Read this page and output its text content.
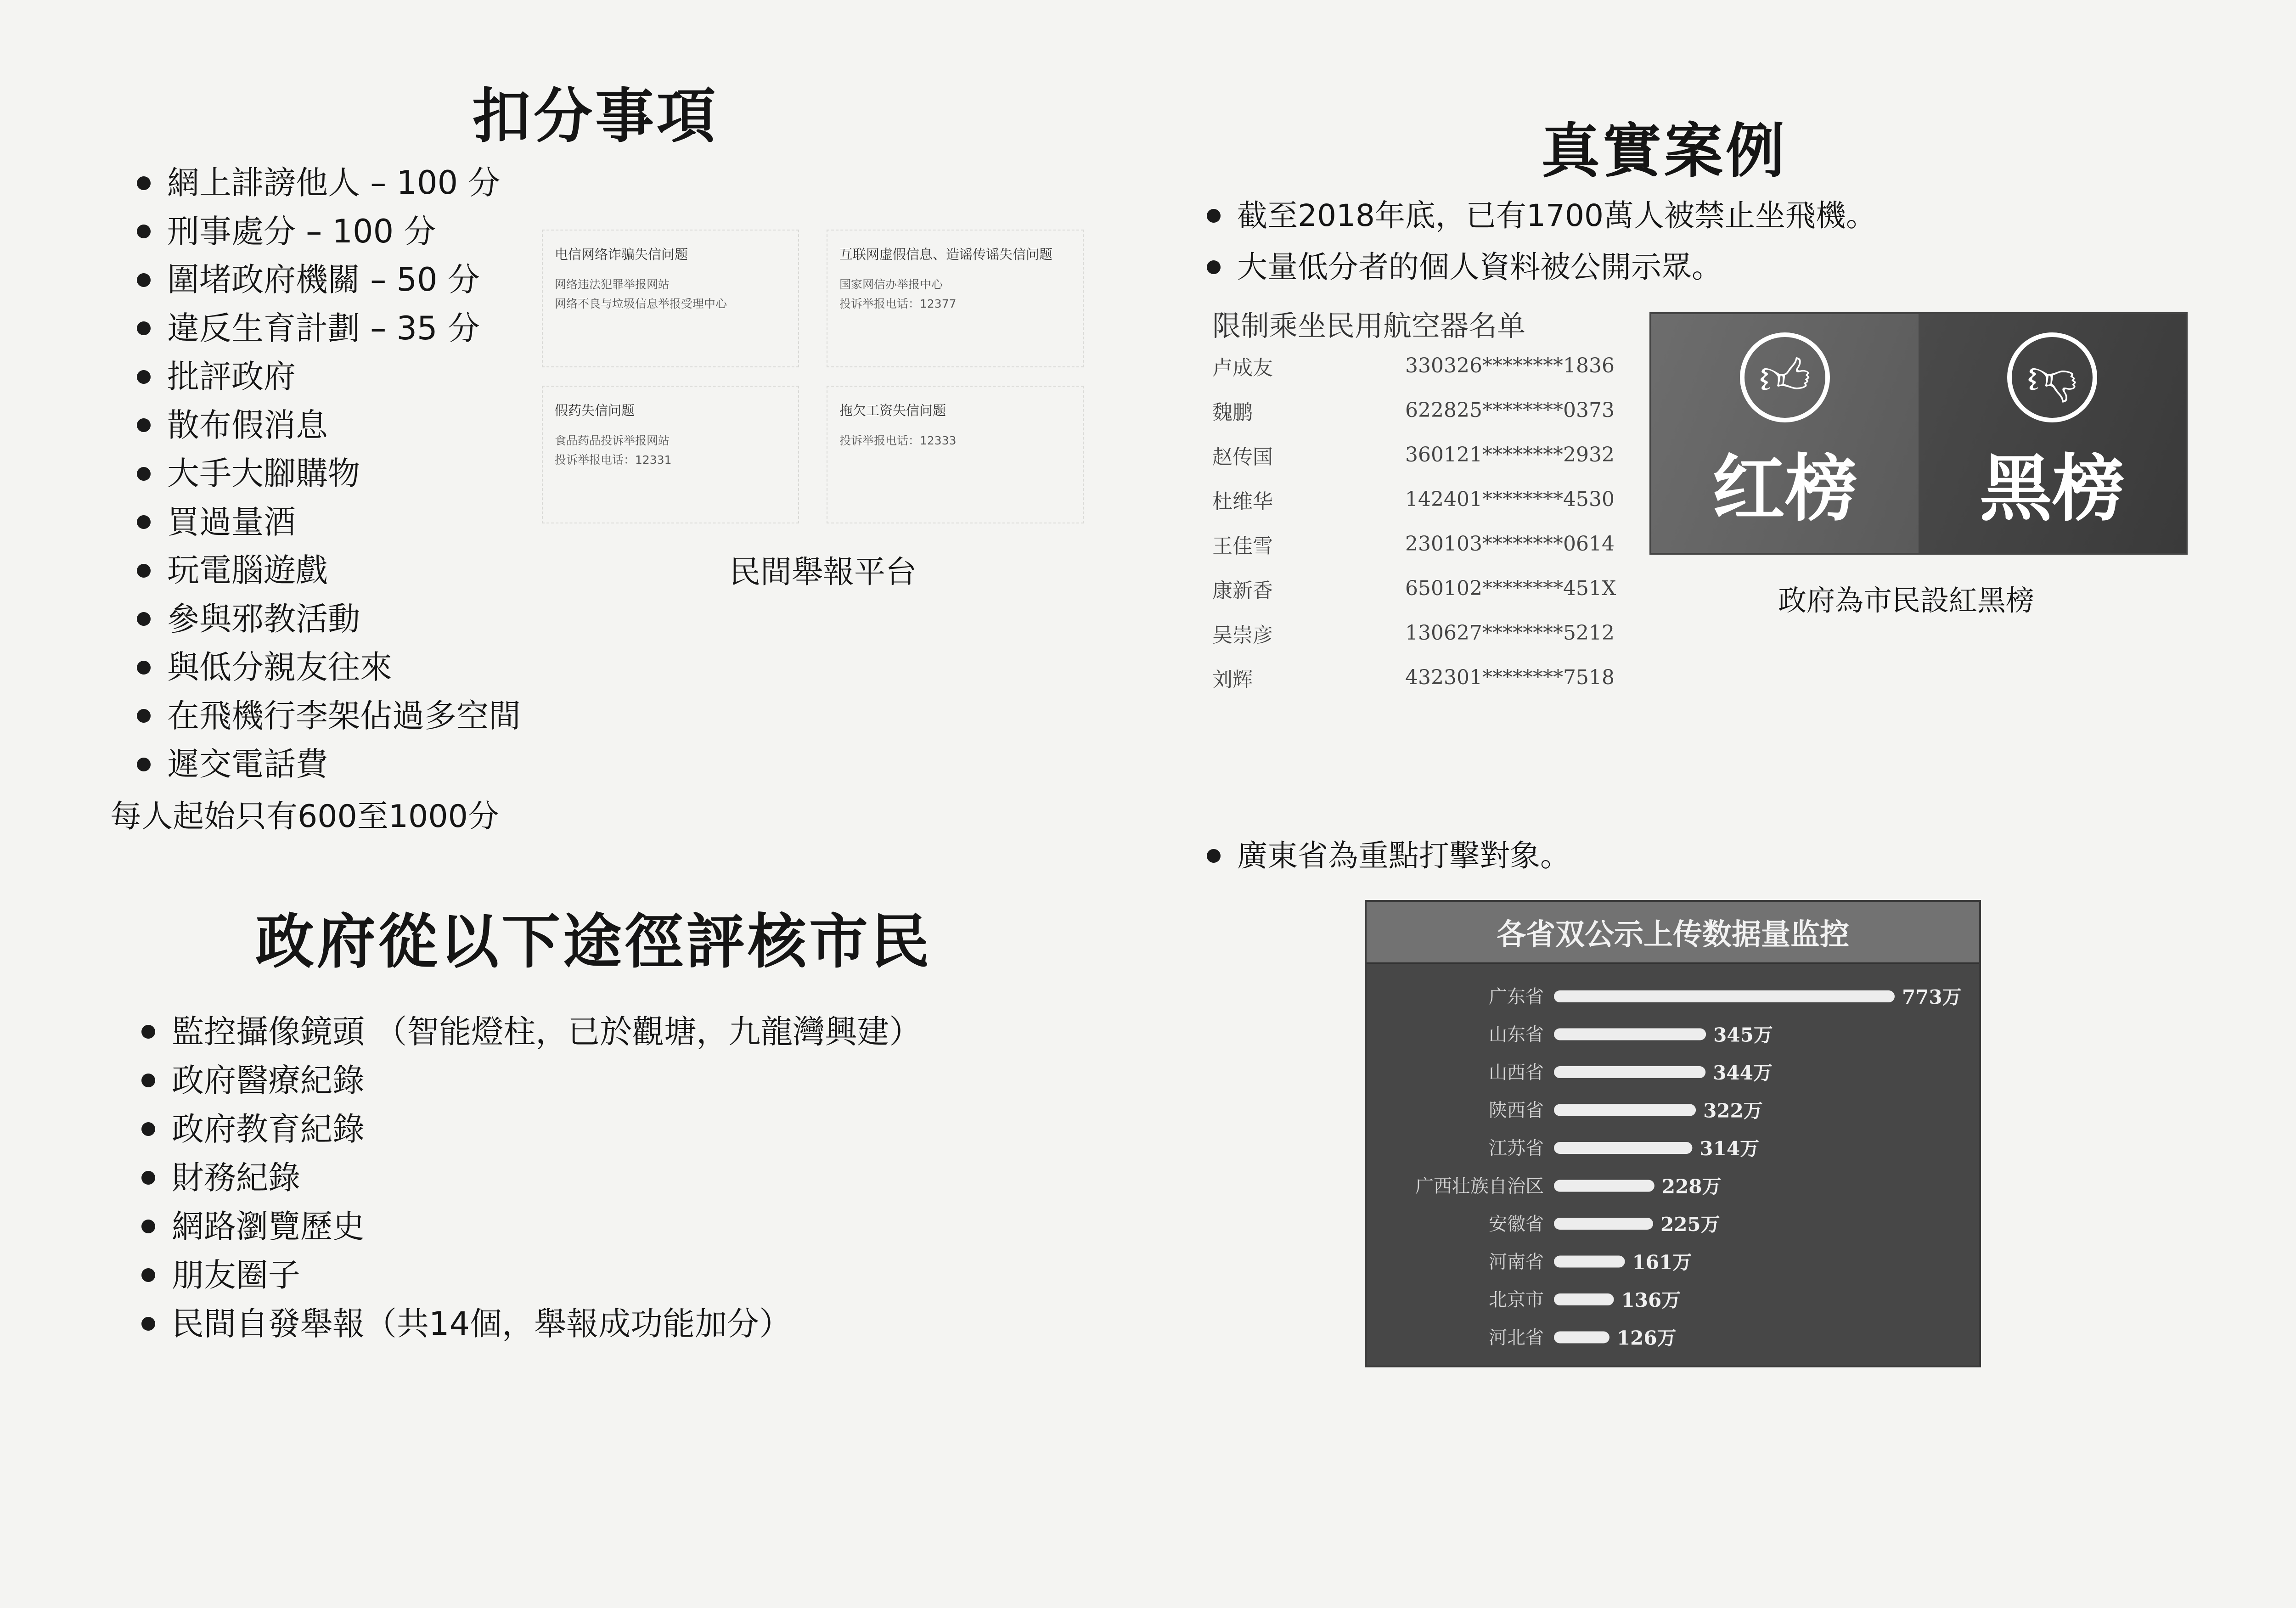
扣分事項
網上誹謗他人 – 100 分
刑事處分 – 100 分
圍堵政府機關 – 50 分
違反生育計劃 – 35 分
批評政府
散布假消息
大手大腳購物
買過量酒
玩電腦遊戲
參與邪教活動
與低分親友往來
在飛機行李架佔過多空間
遲交電話費
每人起始只有600至1000分
电信网络诈骗失信问题
网络违法犯罪举报网站
网络不良与垃圾信息举报受理中心
互联网虚假信息、造谣传谣失信问题
国家网信办举报中心
投诉举报电话：12377
假药失信问题
食品药品投诉举报网站
投诉举报电话：12331
拖欠工资失信问题
投诉举报电话：12333
民間舉報平台
政府從以下途徑評核市民
監控攝像鏡頭 （智能燈柱，已於觀塘，九龍灣興建）
政府醫療紀錄
政府教育紀錄
財務紀錄
網路瀏覽歷史
朋友圈子
民間自發舉報（共14個，舉報成功能加分）
真實案例
截至2018年底，已有1700萬人被禁止坐飛機。
大量低分者的個人資料被公開示眾。
限制乘坐民用航空器名单
卢成友	330326********1836
魏鹏	622825********0373
赵传国	360121********2932
杜维华	142401********4530
王佳雪	230103********0614
康新香	650102********451X
吴崇彦	130627********5212
刘辉	432301********7518
👍︎
红榜
👎︎
黑榜
政府為市民設紅黑榜
廣東省為重點打擊對象。
各省双公示上传数据量监控
广东省	773万
山东省	345万
山西省	344万
陕西省	322万
江苏省	314万
广西壮族自治区	228万
安徽省	225万
河南省	161万
北京市	136万
河北省	126万
